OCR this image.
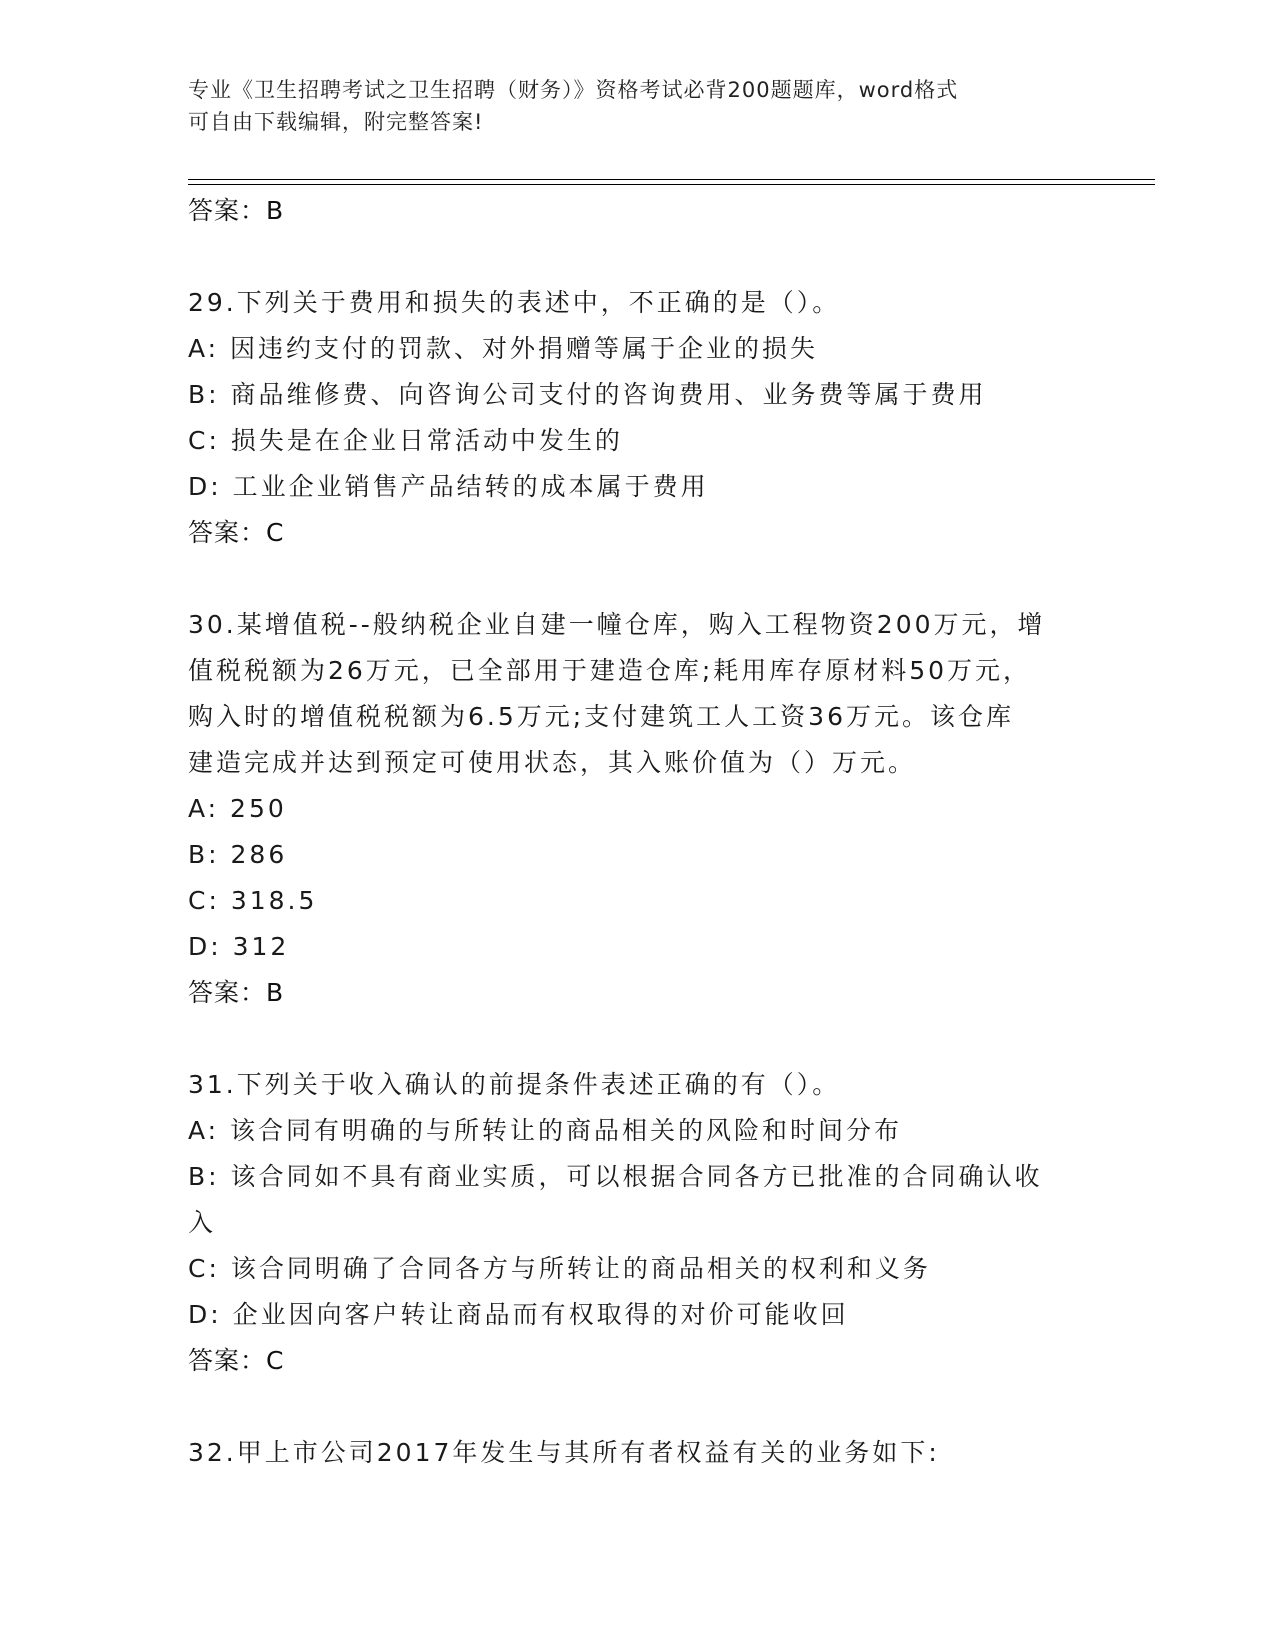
专业《卫生招聘考试之卫生招聘（财务）》资格考试必背200题题库，word格式
可自由下载编辑，附完整答案!
答案：B
29.下列关于费用和损失的表述中，不正确的是（）。
A: 因违约支付的罚款、对外捐赠等属于企业的损失
B: 商品维修费、向咨询公司支付的咨询费用、业务费等属于费用
C: 损失是在企业日常活动中发生的
D: 工业企业销售产品结转的成本属于费用
答案：C
30.某增值税--般纳税企业自建一幢仓库，购入工程物资200万元，增
值税税额为26万元，已全部用于建造仓库;耗用库存原材料50万元，
购入时的增值税税额为6.5万元;支付建筑工人工资36万元。该仓库
建造完成并达到预定可使用状态，其入账价值为（）万元。
A: 250
B: 286
C: 318.5
D: 312
答案：B
31.下列关于收入确认的前提条件表述正确的有（）。
A: 该合同有明确的与所转让的商品相关的风险和时间分布
B: 该合同如不具有商业实质，可以根据合同各方已批准的合同确认收
入
C: 该合同明确了合同各方与所转让的商品相关的权利和义务
D: 企业因向客户转让商品而有权取得的对价可能收回
答案：C
32.甲上市公司2017年发生与其所有者权益有关的业务如下:
